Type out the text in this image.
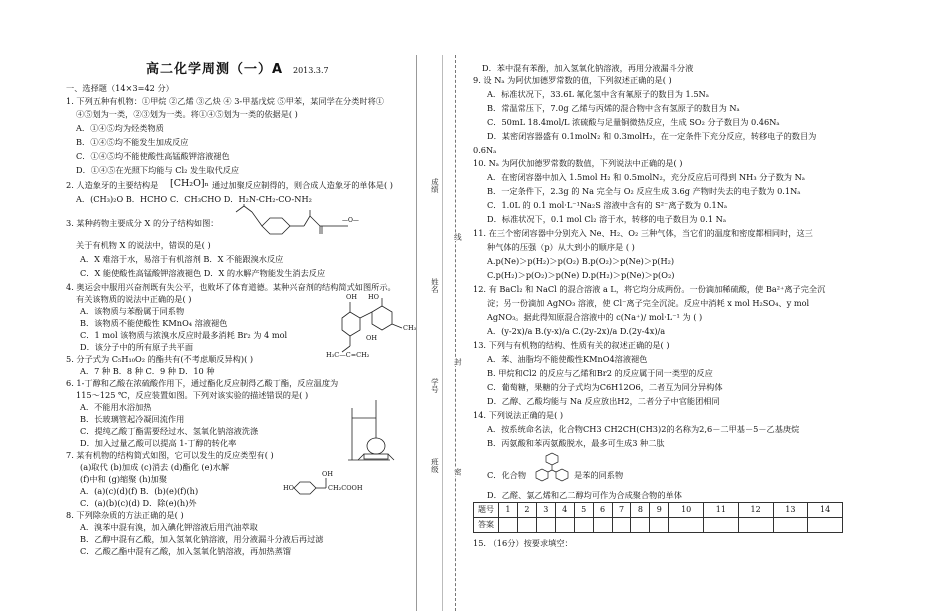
高二化学周测（一）A 2013.3.7
一、选择题（14×3=42 分）
1. 下列五种有机物：①甲烷 ②乙烯 ③乙炔 ④ 3-甲基戊烷 ⑤甲苯，某同学在分类时将①
④⑤划为一类，②③划为一类。将①④⑤划为一类的依据是( )
A．①④⑤均为烃类物质
B．①④⑤均不能发生加成反应
C．①④⑤均不能使酸性高锰酸钾溶液褪色
D．①④⑤在光照下均能与 Cl₂ 发生取代反应
2. 人造象牙的主要结构是 [CH₂O]ₙ 通过加聚反应制得的，则合成人造象牙的单体是( )
A．(CH₃)₂O B．HCHO C．CH₃CHO D．H₂N-CH₂-CO-NH₂
3. 某种药物主要成分 X 的分子结构如图：	—O—
关于有机物 X 的说法中，错误的是( )
A．X 难溶于水，易溶于有机溶剂 B．X 不能跟溴水反应
C．X 能使酸性高锰酸钾溶液褪色 D．X 的水解产物能发生消去反应
4. 奥运会中服用兴奋剂既有失公平，也败坏了体育道德。某种兴奋剂的结构简式如图所示。
有关该物质的说法中正确的是( )
A．该物质与苯酚属于同系物
B．该物质不能使酸性 KMnO₄ 溶液褪色
C．1 mol 该物质与浓溴水反应时最多消耗 Br₂ 为 4 mol
D．该分子中的所有原子共平面
OH HO
OH
CH₃
H₃C—C=CH₂
5. 分子式为 C₅H₁₀O₂ 的酯共有(不考虑顺反异构)( )
A．7 种 B．8 种 C．9 种 D．10 种
6. 1-丁醇和乙酸在浓硫酸作用下，通过酯化反应制得乙酸丁酯，反应温度为
115～125 ℃，反应装置如图。下列对该实验的描述错误的是( )
A．不能用水浴加热
B．长玻璃管起冷凝回流作用
C．提纯乙酸丁酯需要经过水、氢氧化钠溶液洗涤
D．加入过量乙酸可以提高 1-丁醇的转化率
7. 某有机物的结构简式如图，它可以发生的反应类型有( )
(a)取代 (b)加成 (c)消去 (d)酯化 (e)水解
(f)中和 (g)缩聚 (h)加聚
A．(a)(c)(d)(f) B．(b)(e)(f)(h)
C．(a)(b)(c)(d) D．除(e)(h)外
HO
OH
CH₂COOH
8. 下列除杂质的方法正确的是( )
A．溴苯中混有溴，加入碘化钾溶液后用汽油萃取
B．乙醇中混有乙酸，加入氢氧化钠溶液，用分液漏斗分液后再过滤
C．乙酸乙酯中混有乙酸，加入氢氧化钠溶液，再加热蒸馏
成绩
线
姓名
封
学号
班级 密
D．苯中混有苯酚，加入氢氧化钠溶液，再用分液漏斗分液
9. 设 Nₐ 为阿伏加德罗常数的值，下列叙述正确的是( )
A．标准状况下，33.6L 氟化氢中含有氟原子的数目为 1.5Nₐ
B．常温常压下，7.0g 乙烯与丙烯的混合物中含有氢原子的数目为 Nₐ
C．50mL 18.4mol/L 浓硫酸与足量铜微热反应，生成 SO₂ 分子数目为 0.46Nₐ
D．某密闭容器盛有 0.1molN₂ 和 0.3molH₂，在一定条件下充分反应，转移电子的数目为
0.6Nₐ
10. Nₐ 为阿伏加德罗常数的数值，下列说法中正确的是( )
A．在密闭容器中加入 1.5mol H₂ 和 0.5molN₂，充分反应后可得到 NH₃ 分子数为 Nₐ
B．一定条件下，2.3g 的 Na 完全与 O₂ 反应生成 3.6g 产物时失去的电子数为 0.1Nₐ
C．1.0L 的 0.1 mol·L⁻¹Na₂S 溶液中含有的 S²⁻离子数为 0.1Nₐ
D．标准状况下，0.1 mol Cl₂ 溶于水，转移的电子数目为 0.1 Nₐ
11. 在三个密闭容器中分别充入 Ne、H₂、O₂ 三种气体，当它们的温度和密度都相同时，这三
种气体的压强（p）从大到小的顺序是 ( )
A.p(Ne)＞p(H₂)＞p(O₂) B.p(O₂)＞p(Ne)＞p(H₂)
C.p(H₂)＞p(O₂)＞p(Ne) D.p(H₂)＞p(Ne)＞p(O₂)
12. 有 BaCl₂ 和 NaCl 的混合溶液 a L，将它均分成两份。一份滴加稀硫酸，使 Ba²⁺离子完全沉
淀；另一份滴加 AgNO₃ 溶液，使 Cl⁻离子完全沉淀。反应中消耗 x mol H₂SO₄、y mol
AgNO₃。据此得知原混合溶液中的 c(Na⁺)/ mol·L⁻¹ 为 ( )
A．(y-2x)/a B.(y-x)/a C.(2y-2x)/a D.(2y-4x)/a
13. 下列与有机物的结构、性质有关的叙述正确的是( )
A．苯、油脂均不能使酸性KMnO4溶液褪色
B. 甲烷和Cl2 的反应与乙烯和Br2 的反应属于同一类型的反应
C．葡萄糖，果糖的分子式均为C6H12O6，二者互为同分异构体
D．乙醇、乙酸均能与 Na 反应放出H2，二者分子中官能团相同
14. 下列说法正确的是( )
A．按系统命名法，化合物CH3 CH2CH(CH3)2的名称为2,6－二甲基－5－乙基庚烷
B．丙氨酸和苯丙氨酸脱水，最多可生成3 种二肽
C．化合物	是苯的同系物
D．乙醛、氯乙烯和乙二醇均可作为合成聚合物的单体
题号	1	2	3	4	5	6	7	8	9	10	11	12	13	14
答案														
15. （16分）按要求填空：
